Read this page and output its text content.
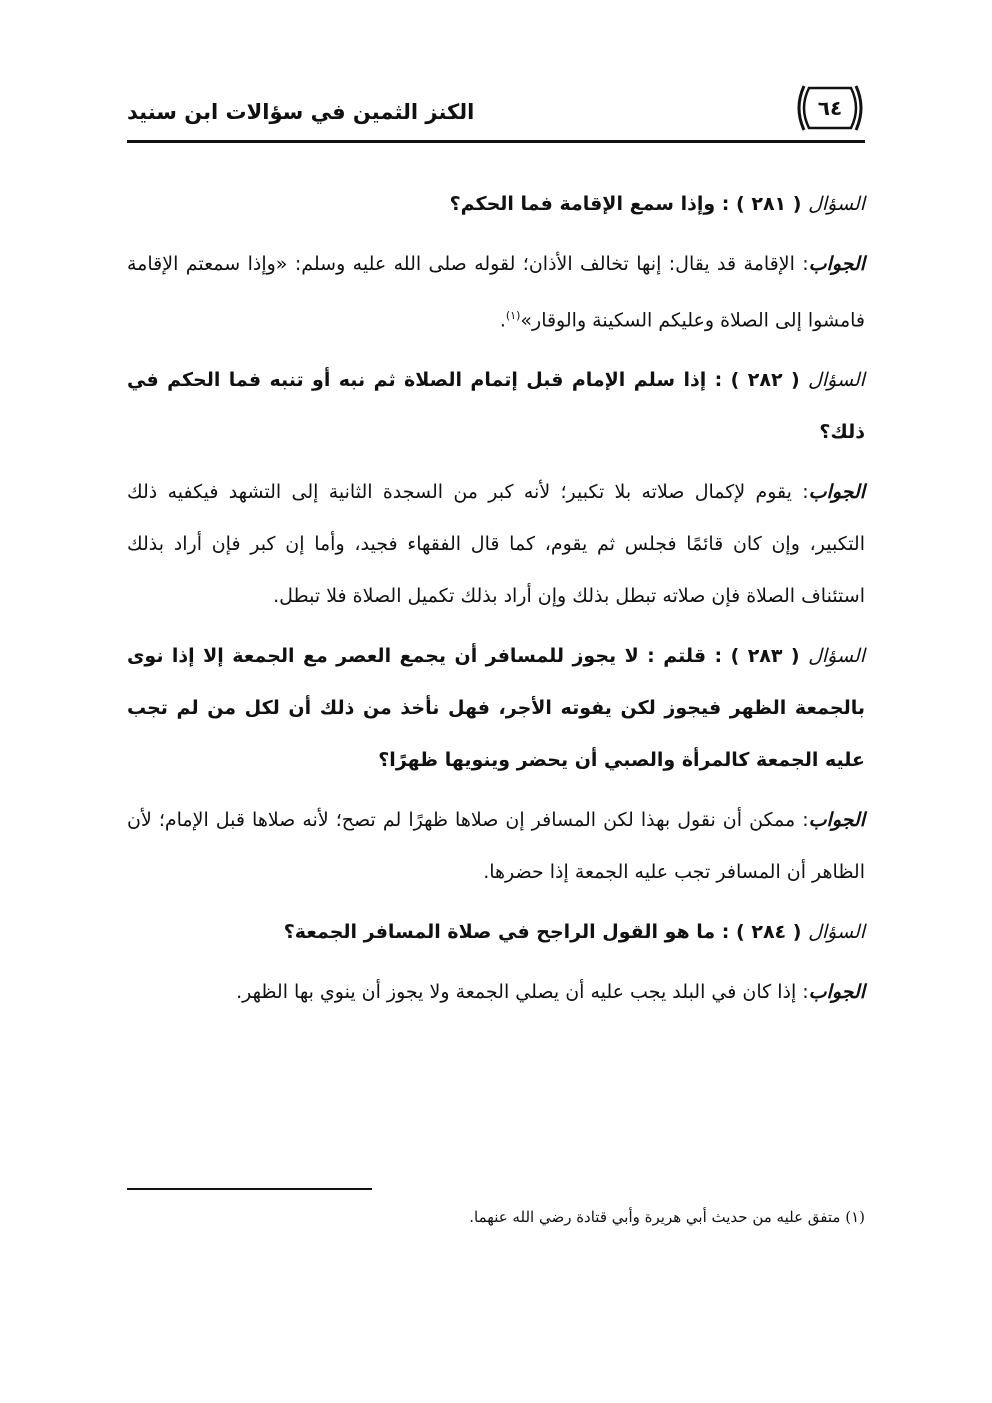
الكنز الثمين في سؤالات ابن سنيد	٦٤

السؤال ( ٢٨١ ) : وإذا سمع الإقامة فما الحكم؟

الجواب: الإقامة قد يقال: إنها تخالف الأذان؛ لقوله صلى الله عليه وسلم: «وإذا سمعتم الإقامة فامشوا إلى الصلاة وعليكم السكينة والوقار»$^{(١)}$.

السؤال ( ٢٨٢ ) : إذا سلم الإمام قبل إتمام الصلاة ثم نبه أو تنبه فما الحكم في ذلك؟

الجواب: يقوم لإكمال صلاته بلا تكبير؛ لأنه كبر من السجدة الثانية إلى التشهد فيكفيه ذلك التكبير، وإن كان قائمًا فجلس ثم يقوم، كما قال الفقهاء فجيد، وأما إن كبر فإن أراد بذلك استئناف الصلاة فإن صلاته تبطل بذلك وإن أراد بذلك تكميل الصلاة فلا تبطل.

السؤال ( ٢٨٣ ) : قلتم : لا يجوز للمسافر أن يجمع العصر مع الجمعة إلا إذا نوى بالجمعة الظهر فيجوز لكن يفوته الأجر، فهل نأخذ من ذلك أن لكل من لم تجب عليه الجمعة كالمرأة والصبي أن يحضر وينويها ظهرًا؟

الجواب: ممكن أن نقول بهذا لكن المسافر إن صلاها ظهرًا لم تصح؛ لأنه صلاها قبل الإمام؛ لأن الظاهر أن المسافر تجب عليه الجمعة إذا حضرها.

السؤال ( ٢٨٤ ) : ما هو القول الراجح في صلاة المسافر الجمعة؟

الجواب: إذا كان في البلد يجب عليه أن يصلي الجمعة ولا يجوز أن ينوي بها الظهر.

(١) متفق عليه من حديث أبي هريرة وأبي قتادة رضي الله عنهما.
